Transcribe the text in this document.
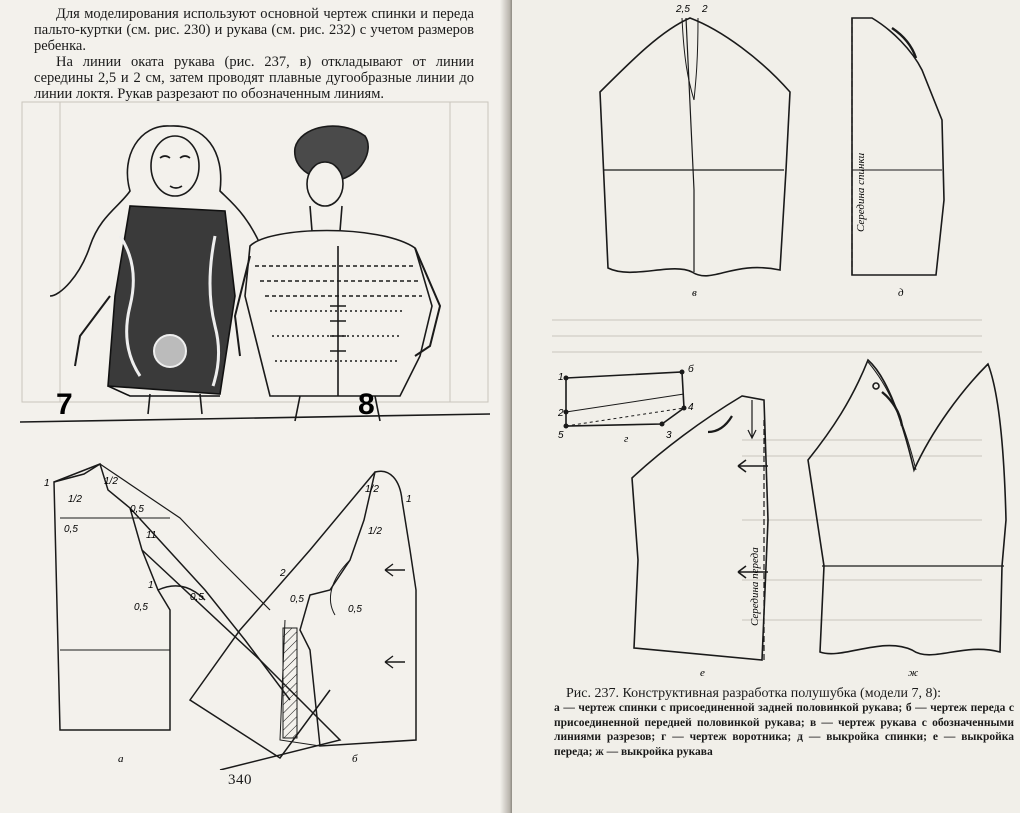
Для моделирования используют основной чертеж спинки и переда пальто-куртки (см. рис. 230) и рукава (см. рис. 232) с учетом размеров ребенка.

На линии оката рукава (рис. 237, в) откладывают от линии середины 2,5 и 2 см, затем проводят плавные дугообразные линии до линии локтя. Рукав разрезают по обозначенным линиям.

7	8
1
1/2
1/2
0,5
0,5
11
1
0,5
0,5
1/2
1/2
1
2
0,5
0,5
а	б
340
2,5 2
1
б
2
4
5	3
в	д
г
е	ж
Середина спинки
Середина переда
Рис. 237. Конструктивная разработка полушубка (модели 7, 8):
а — чертеж спинки с присоединенной задней половинкой рукава; б — чертеж переда с присоединенной передней половинкой рукава; в — чертеж рукава с обозначенными линиями разрезов; г — чертеж воротника; д — выкройка спинки; е — выкройка переда; ж — выкройка рукава
